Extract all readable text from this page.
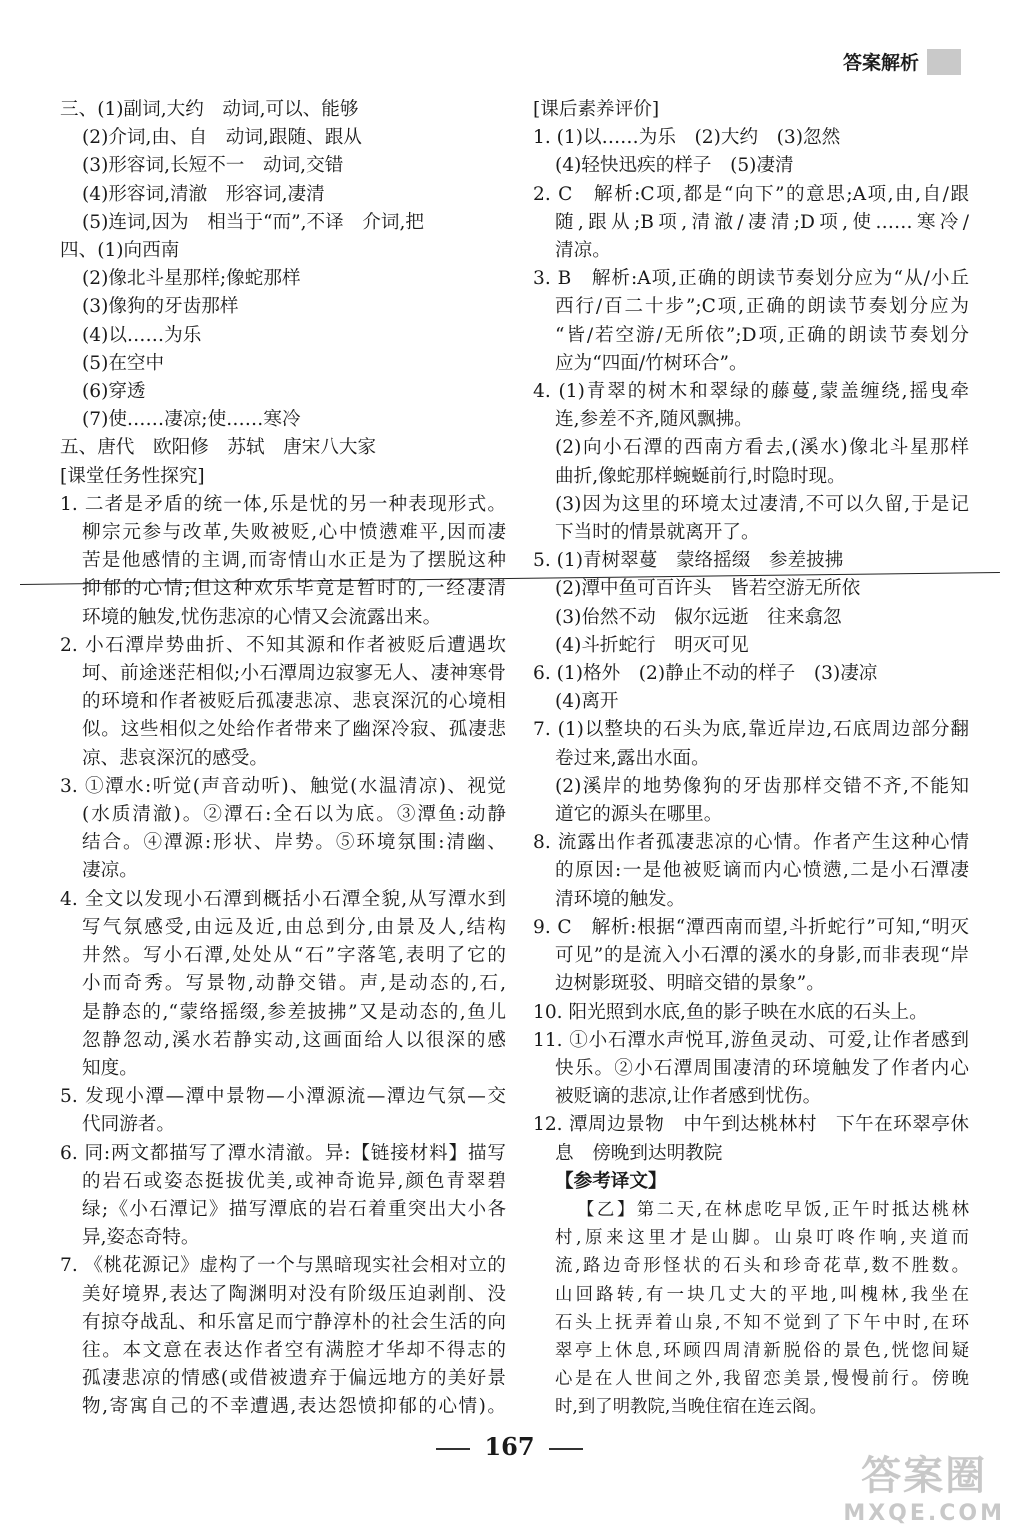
答案解析
三、(1)副词,大约　动词,可以、能够
(2)介词,由、自　动词,跟随、跟从
(3)形容词,长短不一　动词,交错
(4)形容词,清澈　形容词,凄清
(5)连词,因为　相当于“而”,不译　介词,把
四、(1)向西南
(2)像北斗星那样;像蛇那样
(3)像狗的牙齿那样
(4)以……为乐
(5)在空中
(6)穿透
(7)使……凄凉;使……寒冷
五、唐代　欧阳修　苏轼　唐宋八大家
[课堂任务性探究]
1. 二者是矛盾的统一体,乐是忧的另一种表现形式。
柳宗元参与改革,失败被贬,心中愤懑难平,因而凄
苦是他感情的主调,而寄情山水正是为了摆脱这种
抑郁的心情;但这种欢乐毕竟是暂时的,一经凄清
环境的触发,忧伤悲凉的心情又会流露出来。
2. 小石潭岸势曲折、不知其源和作者被贬后遭遇坎
坷、前途迷茫相似;小石潭周边寂寥无人、凄神寒骨
的环境和作者被贬后孤凄悲凉、悲哀深沉的心境相
似。这些相似之处给作者带来了幽深冷寂、孤凄悲
凉、悲哀深沉的感受。
3. ①潭水:听觉(声音动听)、触觉(水温清凉)、视觉
(水质清澈)。②潭石:全石以为底。③潭鱼:动静
结合。④潭源:形状、岸势。⑤环境氛围:清幽、
凄凉。
4. 全文以发现小石潭到概括小石潭全貌,从写潭水到
写气氛感受,由远及近,由总到分,由景及人,结构
井然。写小石潭,处处从“石”字落笔,表明了它的
小而奇秀。写景物,动静交错。声,是动态的,石,
是静态的,“蒙络摇缀,参差披拂”又是动态的,鱼儿
忽静忽动,溪水若静实动,这画面给人以很深的感
知度。
5. 发现小潭—潭中景物—小潭源流—潭边气氛—交
代同游者。
6. 同:两文都描写了潭水清澈。异:【链接材料】描写
的岩石或姿态挺拔优美,或神奇诡异,颜色青翠碧
绿;《小石潭记》描写潭底的岩石着重突出大小各
异,姿态奇特。
7. 《桃花源记》虚构了一个与黑暗现实社会相对立的
美好境界,表达了陶渊明对没有阶级压迫剥削、没
有掠夺战乱、和乐富足而宁静淳朴的社会生活的向
往。本文意在表达作者空有满腔才华却不得志的
孤凄悲凉的情感(或借被遗弃于偏远地方的美好景
物,寄寓自己的不幸遭遇,表达怨愤抑郁的心情)。
[课后素养评价]
1. (1)以……为乐　(2)大约　(3)忽然
(4)轻快迅疾的样子　(5)凄清
2. C　解析:C项,都是“向下”的意思;A项,由,自/跟
随,跟从;B项,清澈/凄清;D项,使……寒冷/
清凉。
3. B　解析:A项,正确的朗读节奏划分应为“从/小丘
西行/百二十步”;C项,正确的朗读节奏划分应为
“皆/若空游/无所依”;D项,正确的朗读节奏划分
应为“四面/竹树环合”。
4. (1)青翠的树木和翠绿的藤蔓,蒙盖缠绕,摇曳牵
连,参差不齐,随风飘拂。
(2)向小石潭的西南方看去,(溪水)像北斗星那样
曲折,像蛇那样蜿蜒前行,时隐时现。
(3)因为这里的环境太过凄清,不可以久留,于是记
下当时的情景就离开了。
5. (1)青树翠蔓　蒙络摇缀　参差披拂
(2)潭中鱼可百许头　皆若空游无所依
(3)佁然不动　俶尔远逝　往来翕忽
(4)斗折蛇行　明灭可见
6. (1)格外　(2)静止不动的样子　(3)凄凉
(4)离开
7. (1)以整块的石头为底,靠近岸边,石底周边部分翻
卷过来,露出水面。
(2)溪岸的地势像狗的牙齿那样交错不齐,不能知
道它的源头在哪里。
8. 流露出作者孤凄悲凉的心情。作者产生这种心情
的原因:一是他被贬谪而内心愤懑,二是小石潭凄
清环境的触发。
9. C　解析:根据“潭西南而望,斗折蛇行”可知,“明灭
可见”的是流入小石潭的溪水的身影,而非表现“岸
边树影斑驳、明暗交错的景象”。
10. 阳光照到水底,鱼的影子映在水底的石头上。
11. ①小石潭水声悦耳,游鱼灵动、可爱,让作者感到
快乐。②小石潭周围凄清的环境触发了作者内心
被贬谪的悲凉,让作者感到忧伤。
12. 潭周边景物　中午到达桃林村　下午在环翠亭休
息　傍晚到达明教院
【参考译文】
【乙】第二天,在林虑吃早饭,正午时抵达桃林
村,原来这里才是山脚。山泉叮咚作响,夹道而
流,路边奇形怪状的石头和珍奇花草,数不胜数。
山回路转,有一块几丈大的平地,叫槐林,我坐在
石头上抚弄着山泉,不知不觉到了下午中时,在环
翠亭上休息,环顾四周清新脱俗的景色,恍惚间疑
心是在人世间之外,我留恋美景,慢慢前行。傍晚
时,到了明教院,当晚住宿在连云阁。
167
答案圈
MXQE.COM
